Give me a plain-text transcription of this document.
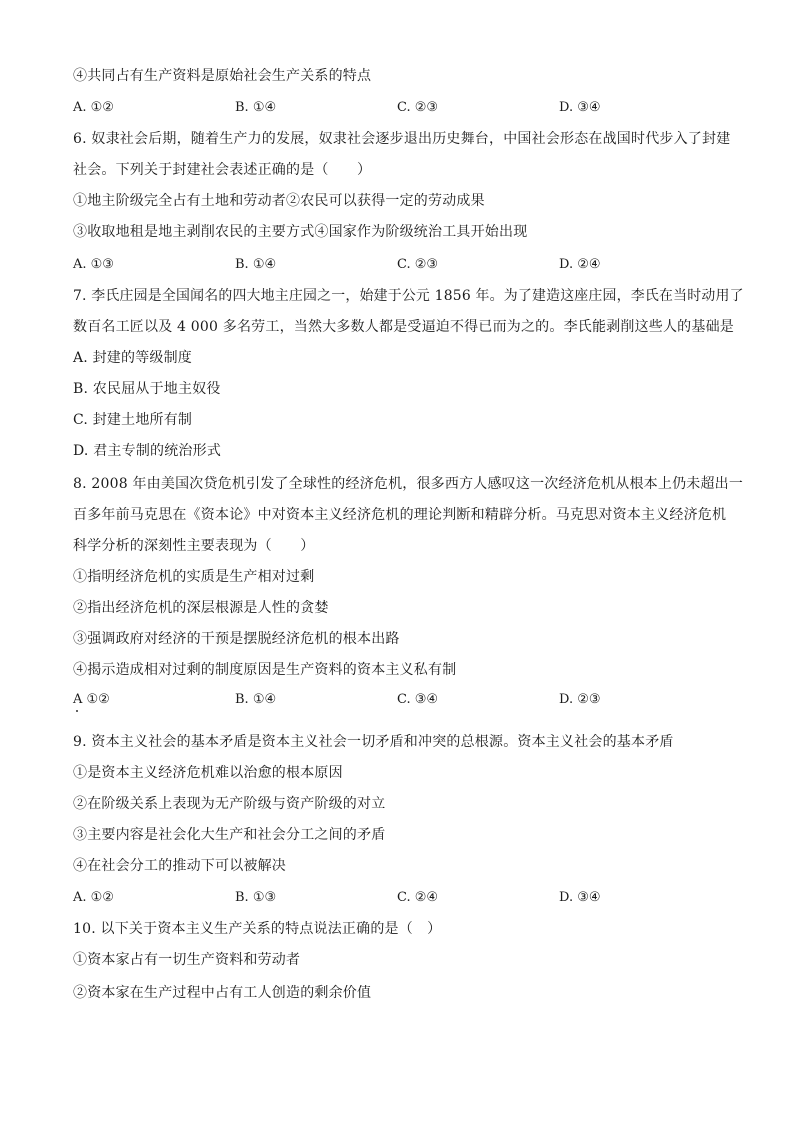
④共同占有生产资料是原始社会生产关系的特点
A. ①②	B. ①④	C. ②③	D. ③④
6. 奴隶社会后期，随着生产力的发展，奴隶社会逐步退出历史舞台，中国社会形态在战国时代步入了封建
社会。下列关于封建社会表述正确的是（　　）
①地主阶级完全占有土地和劳动者②农民可以获得一定的劳动成果
③收取地租是地主剥削农民的主要方式④国家作为阶级统治工具开始出现
A. ①③	B. ①④	C. ②③	D. ②④
7. 李氏庄园是全国闻名的四大地主庄园之一，始建于公元 1856 年。为了建造这座庄园，李氏在当时动用了
数百名工匠以及 4 000 多名劳工，当然大多数人都是受逼迫不得已而为之的。李氏能剥削这些人的基础是
A. 封建的等级制度
B. 农民屈从于地主奴役
C. 封建土地所有制
D. 君主专制的统治形式
8. 2008 年由美国次贷危机引发了全球性的经济危机，很多西方人感叹这一次经济危机从根本上仍未超出一
百多年前马克思在《资本论》中对资本主义经济危机的理论判断和精辟分析。马克思对资本主义经济危机
科学分析的深刻性主要表现为（　　）
①指明经济危机的实质是生产相对过剩
②指出经济危机的深层根源是人性的贪婪
③强调政府对经济的干预是摆脱经济危机的根本出路
④揭示造成相对过剩的制度原因是生产资料的资本主义私有制
A ①②	B. ①④	C. ③④	D. ②③
9. 资本主义社会的基本矛盾是资本主义社会一切矛盾和冲突的总根源。资本主义社会的基本矛盾
①是资本主义经济危机难以治愈的根本原因
②在阶级关系上表现为无产阶级与资产阶级的对立
③主要内容是社会化大生产和社会分工之间的矛盾
④在社会分工的推动下可以被解决
A. ①②	B. ①③	C. ②④	D. ③④
10. 以下关于资本主义生产关系的特点说法正确的是（　）
①资本家占有一切生产资料和劳动者
②资本家在生产过程中占有工人创造的剩余价值
